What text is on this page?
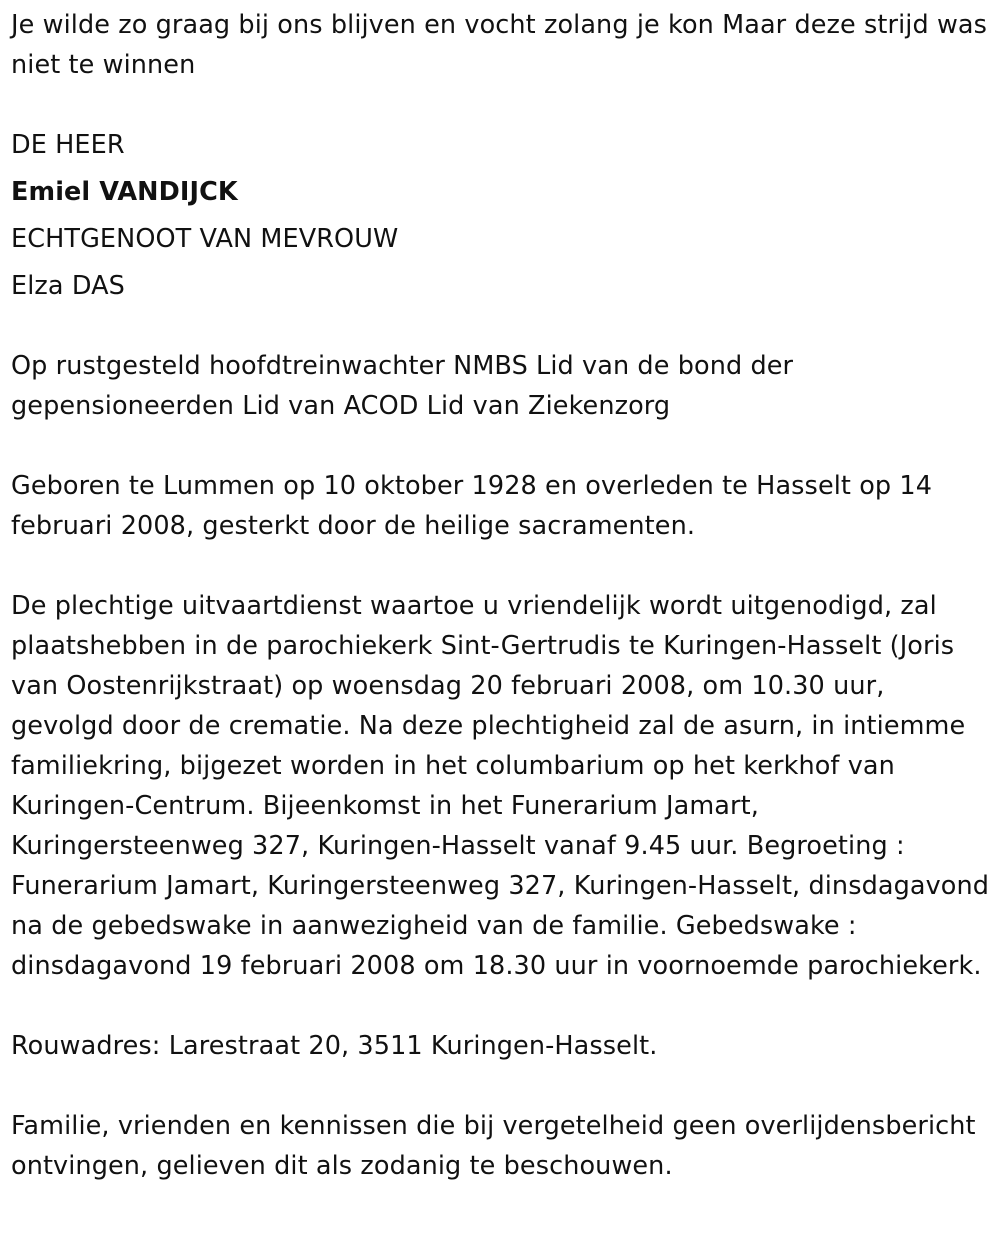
Je wilde zo graag bij ons blijven en vocht zolang je kon Maar deze strijd was niet te winnen

DE HEER

Emiel VANDIJCK

ECHTGENOOT VAN MEVROUW

Elza DAS

Op rustgesteld hoofdtreinwachter NMBS Lid van de bond der gepensioneerden Lid van ACOD Lid van Ziekenzorg

Geboren te Lummen op 10 oktober 1928 en overleden te Hasselt op 14 februari 2008, gesterkt door de heilige sacramenten.

De plechtige uitvaartdienst waartoe u vriendelijk wordt uitgenodigd, zal plaatshebben in de parochiekerk Sint-Gertrudis te Kuringen-Hasselt (Joris van Oostenrijkstraat) op woensdag 20 februari 2008, om 10.30 uur, gevolgd door de crematie. Na deze plechtigheid zal de asurn, in intiemme familiekring, bijgezet worden in het columbarium op het kerkhof van Kuringen-Centrum. Bijeenkomst in het Funerarium Jamart, Kuringersteenweg 327, Kuringen-Hasselt vanaf 9.45 uur. Begroeting : Funerarium Jamart, Kuringersteenweg 327, Kuringen-Hasselt, dinsdagavond na de gebedswake in aanwezigheid van de familie. Gebedswake : dinsdagavond 19 februari 2008 om 18.30 uur in voornoemde parochiekerk.

Rouwadres: Larestraat 20, 3511 Kuringen-Hasselt.

Familie, vrienden en kennissen die bij vergetelheid geen overlijdensbericht ontvingen, gelieven dit als zodanig te beschouwen.
